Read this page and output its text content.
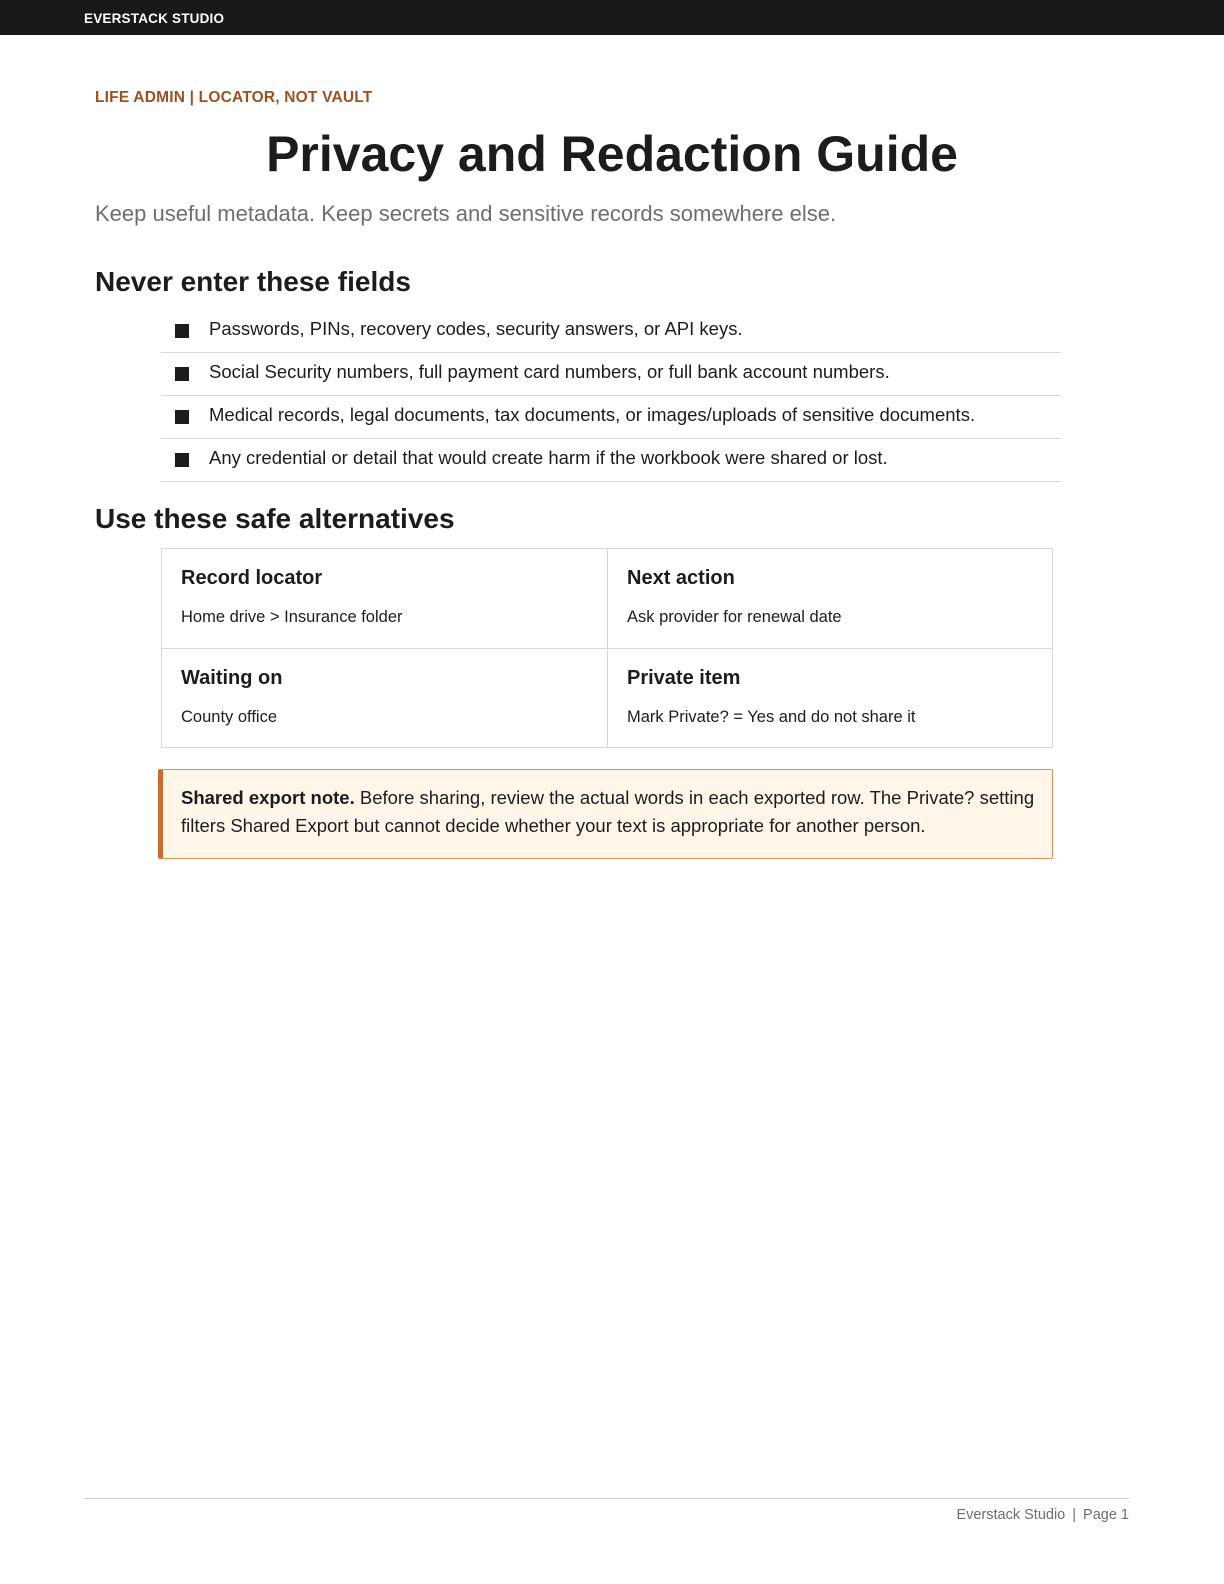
EVERSTACK STUDIO
LIFE ADMIN | LOCATOR, NOT VAULT
Privacy and Redaction Guide
Keep useful metadata. Keep secrets and sensitive records somewhere else.
Never enter these fields
Passwords, PINs, recovery codes, security answers, or API keys.
Social Security numbers, full payment card numbers, or full bank account numbers.
Medical records, legal documents, tax documents, or images/uploads of sensitive documents.
Any credential or detail that would create harm if the workbook were shared or lost.
Use these safe alternatives
Record locator
Home drive > Insurance folder
Next action
Ask provider for renewal date
Waiting on
County office
Private item
Mark Private? = Yes and do not share it
Shared export note. Before sharing, review the actual words in each exported row. The Private? setting filters Shared Export but cannot decide whether your text is appropriate for another person.
Everstack Studio | Page 1
